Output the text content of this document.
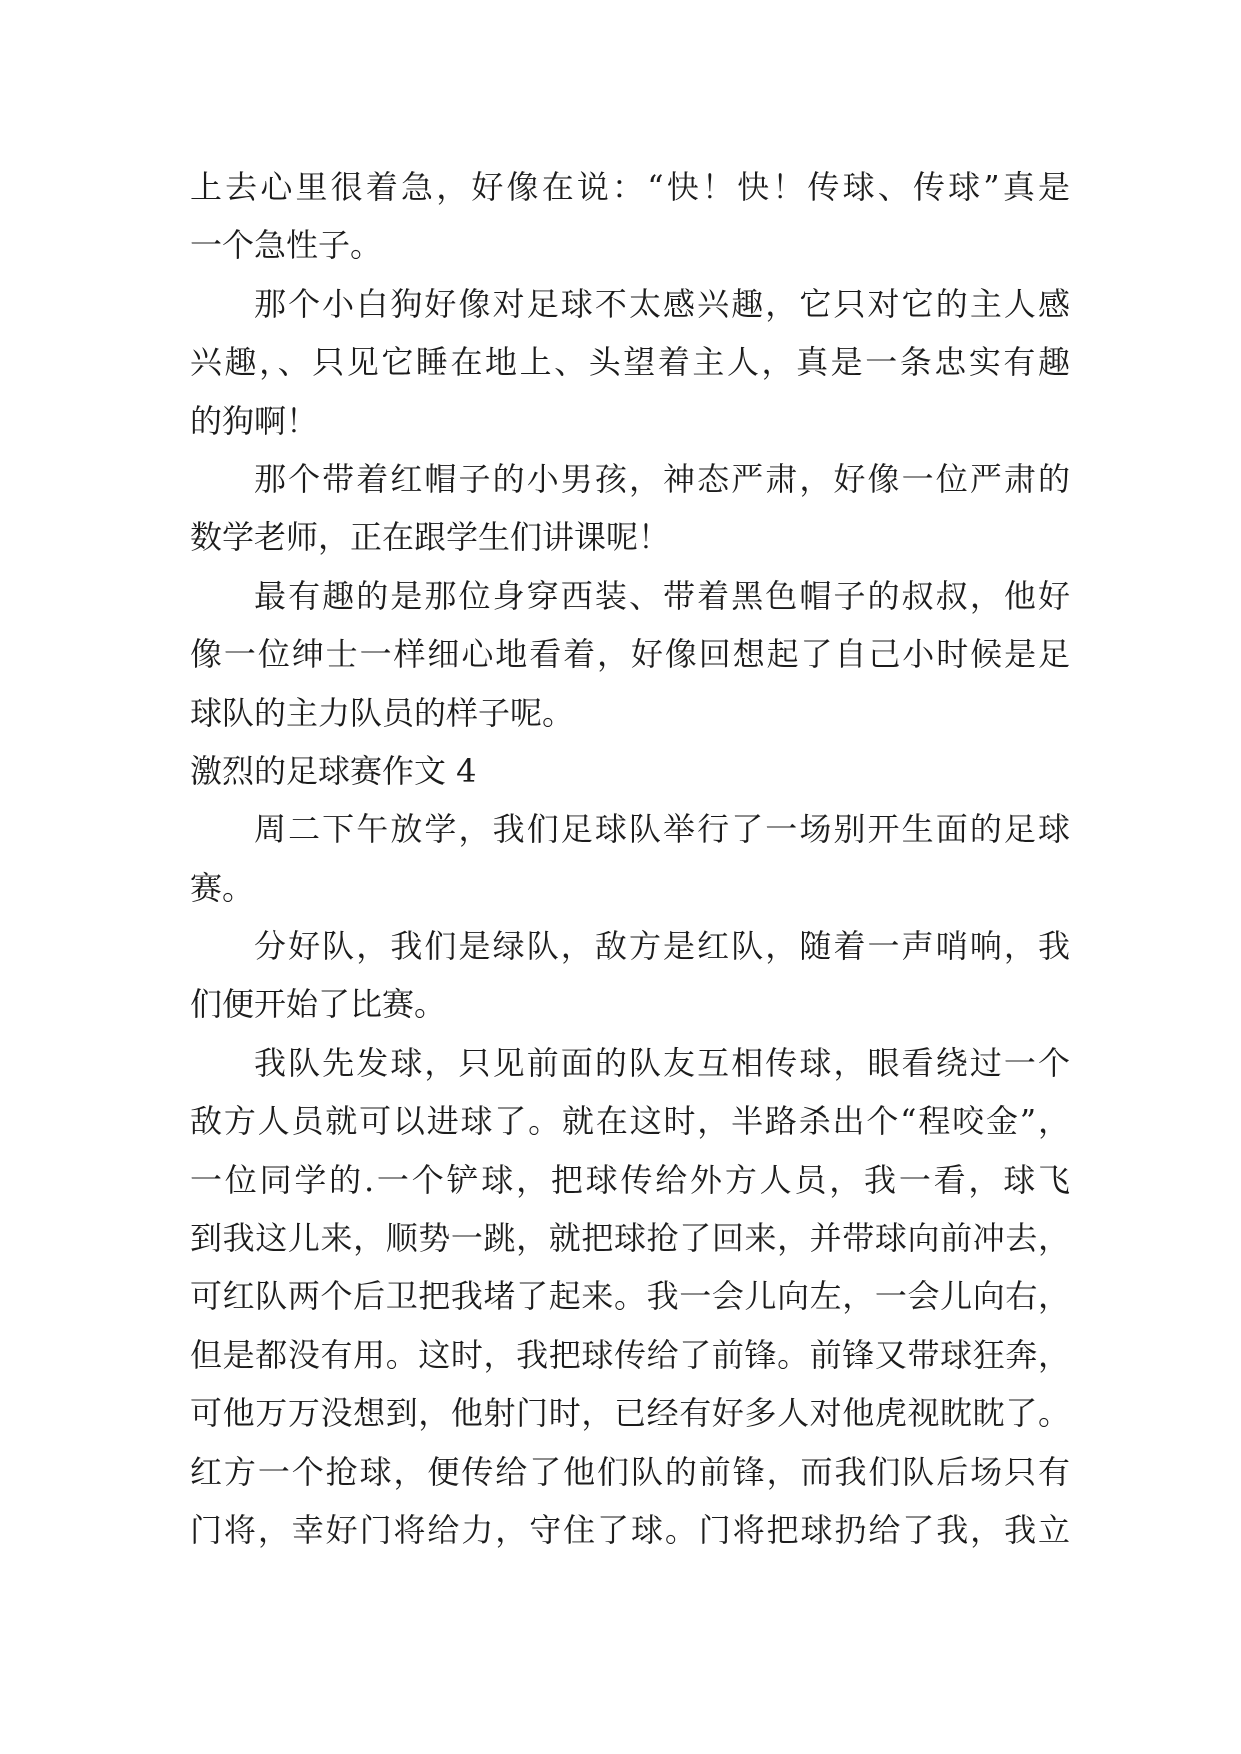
上去心里很着急，好像在说：“快！快！传球、传球”真是
一个急性子。
那个小白狗好像对足球不太感兴趣，它只对它的主人感
兴趣，、只见它睡在地上、头望着主人，真是一条忠实有趣
的狗啊！
那个带着红帽子的小男孩，神态严肃，好像一位严肃的
数学老师，正在跟学生们讲课呢！
最有趣的是那位身穿西装、带着黑色帽子的叔叔，他好
像一位绅士一样细心地看着，好像回想起了自己小时候是足
球队的主力队员的样子呢。
激烈的足球赛作文 4
周二下午放学，我们足球队举行了一场别开生面的足球
赛。
分好队，我们是绿队，敌方是红队，随着一声哨响，我
们便开始了比赛。
我队先发球，只见前面的队友互相传球，眼看绕过一个
敌方人员就可以进球了。就在这时，半路杀出个“程咬金”，
一位同学的.一个铲球，把球传给外方人员，我一看，球飞
到我这儿来，顺势一跳，就把球抢了回来，并带球向前冲去，
可红队两个后卫把我堵了起来。我一会儿向左，一会儿向右，
但是都没有用。这时，我把球传给了前锋。前锋又带球狂奔，
可他万万没想到，他射门时，已经有好多人对他虎视眈眈了。
红方一个抢球，便传给了他们队的前锋，而我们队后场只有
门将，幸好门将给力，守住了球。门将把球扔给了我，我立
